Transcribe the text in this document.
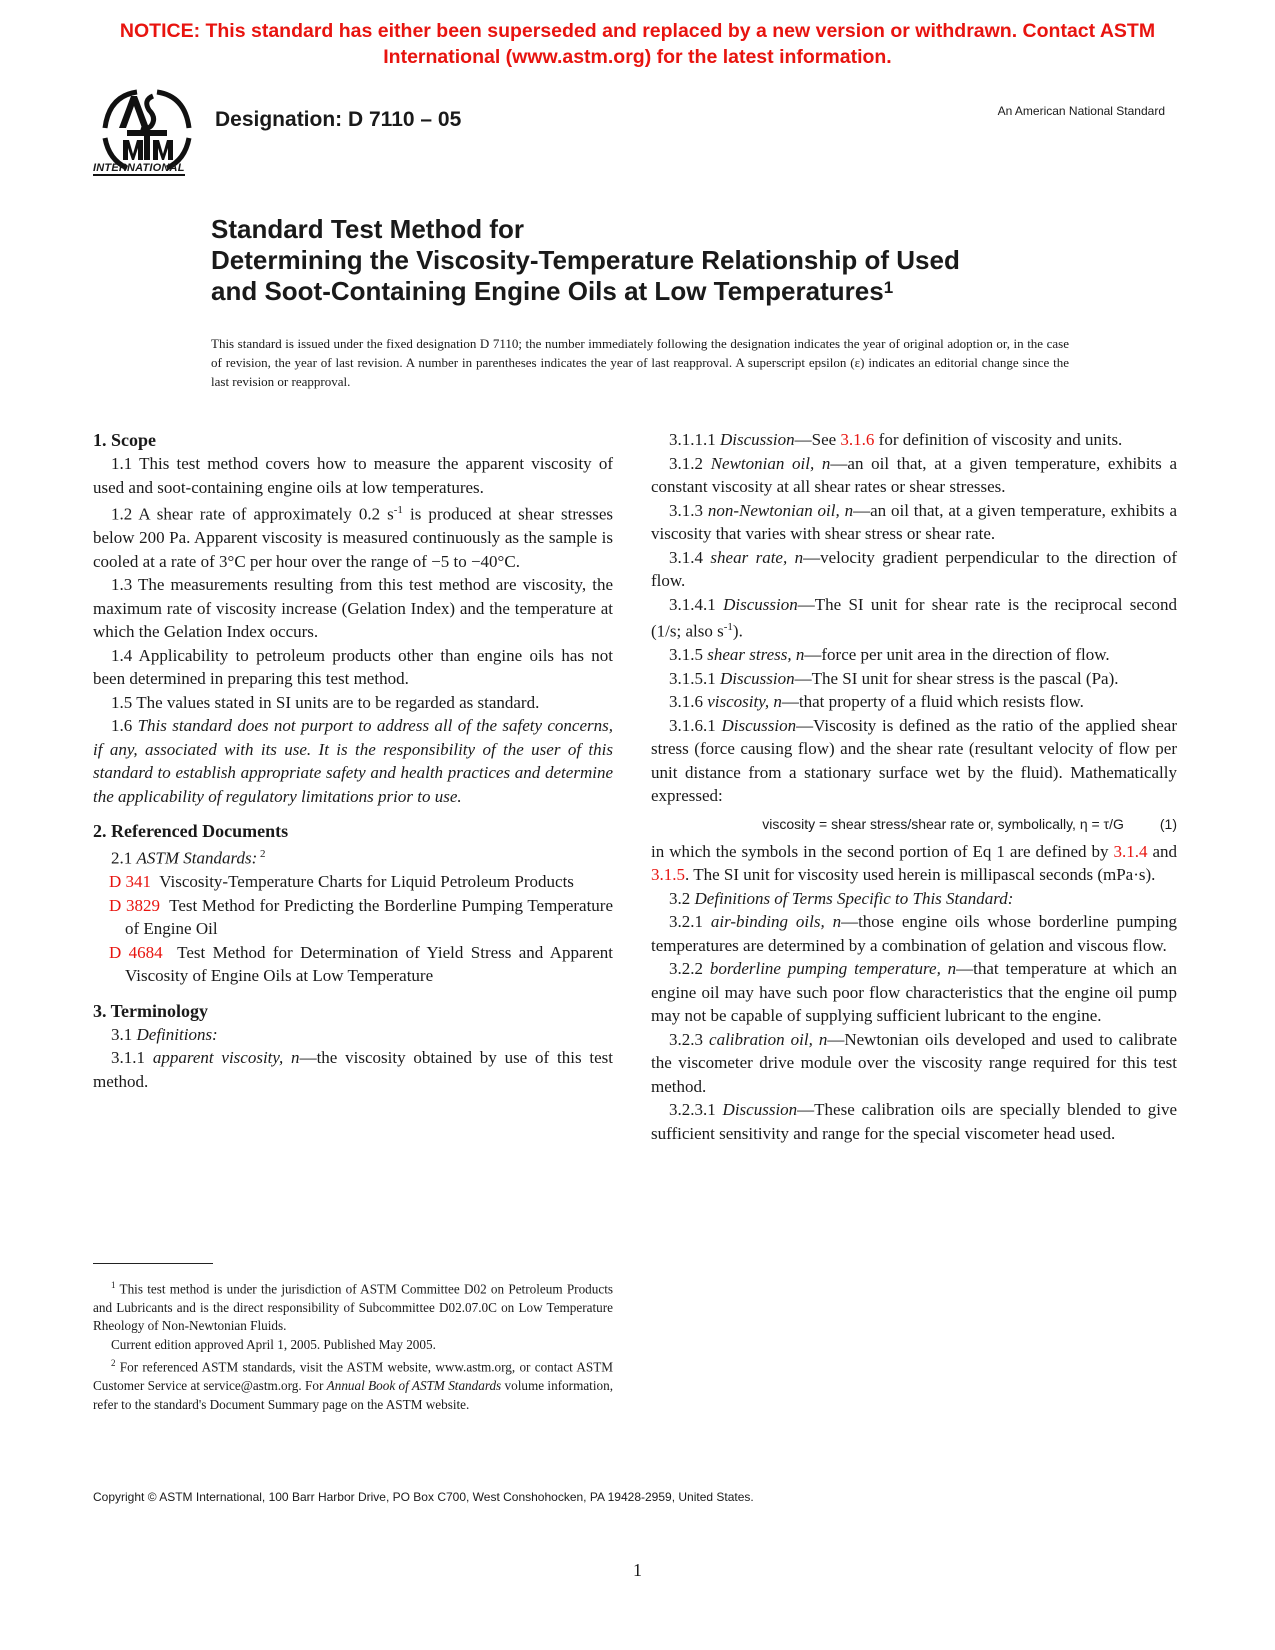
NOTICE: This standard has either been superseded and replaced by a new version or withdrawn. Contact ASTM
International (www.astm.org) for the latest information.
INTERNATIONAL
Designation: D 7110 – 05	An American National Standard
Standard Test Method for
Determining the Viscosity-Temperature Relationship of Used
and Soot-Containing Engine Oils at Low Temperatures$^1$
This standard is issued under the fixed designation D 7110; the number immediately following the designation indicates the year of original adoption or, in the case of revision, the year of last revision. A number in parentheses indicates the year of last reapproval. A superscript epsilon (ε) indicates an editorial change since the last revision or reapproval.
1. Scope

1.1 This test method covers how to measure the apparent viscosity of used and soot-containing engine oils at low temperatures.

1.2 A shear rate of approximately 0.2 $s^{-1}$ is produced at shear stresses below 200 Pa. Apparent viscosity is measured continuously as the sample is cooled at a rate of 3°C per hour over the range of −5 to −40°C.

1.3 The measurements resulting from this test method are viscosity, the maximum rate of viscosity increase (Gelation Index) and the temperature at which the Gelation Index occurs.

1.4 Applicability to petroleum products other than engine oils has not been determined in preparing this test method.

1.5 The values stated in SI units are to be regarded as standard.

1.6 This standard does not purport to address all of the safety concerns, if any, associated with its use. It is the responsibility of the user of this standard to establish appropriate safety and health practices and determine the applicability of regulatory limitations prior to use.

2. Referenced Documents

2.1 ASTM Standards: $^2$

D 341 Viscosity-Temperature Charts for Liquid Petroleum Products

D 3829 Test Method for Predicting the Borderline Pumping Temperature of Engine Oil

D 4684 Test Method for Determination of Yield Stress and Apparent Viscosity of Engine Oils at Low Temperature

3. Terminology

3.1 Definitions:

3.1.1 apparent viscosity, n—the viscosity obtained by use of this test method.

3.1.1.1 Discussion—See 3.1.6 for definition of viscosity and units.

3.1.2 Newtonian oil, n—an oil that, at a given temperature, exhibits a constant viscosity at all shear rates or shear stresses.

3.1.3 non-Newtonian oil, n—an oil that, at a given temperature, exhibits a viscosity that varies with shear stress or shear rate.

3.1.4 shear rate, n—velocity gradient perpendicular to the direction of flow.

3.1.4.1 Discussion—The SI unit for shear rate is the reciprocal second (1/s; also $s^{-1}$).

3.1.5 shear stress, n—force per unit area in the direction of flow.

3.1.5.1 Discussion—The SI unit for shear stress is the pascal (Pa).

3.1.6 viscosity, n—that property of a fluid which resists flow.

3.1.6.1 Discussion—Viscosity is defined as the ratio of the applied shear stress (force causing flow) and the shear rate (resultant velocity of flow per unit distance from a stationary surface wet by the fluid). Mathematically expressed:

viscosity = shear stress/shear rate or, symbolically, η = τ/G	(1)

in which the symbols in the second portion of Eq 1 are defined by 3.1.4 and 3.1.5. The SI unit for viscosity used herein is millipascal seconds (mPa·s).

3.2 Definitions of Terms Specific to This Standard:

3.2.1 air-binding oils, n—those engine oils whose borderline pumping temperatures are determined by a combination of gelation and viscous flow.

3.2.2 borderline pumping temperature, n—that temperature at which an engine oil may have such poor flow characteristics that the engine oil pump may not be capable of supplying sufficient lubricant to the engine.

3.2.3 calibration oil, n—Newtonian oils developed and used to calibrate the viscometer drive module over the viscosity range required for this test method.

3.2.3.1 Discussion—These calibration oils are specially blended to give sufficient sensitivity and range for the special viscometer head used.

$^1$ This test method is under the jurisdiction of ASTM Committee D02 on Petroleum Products and Lubricants and is the direct responsibility of Subcommittee D02.07.0C on Low Temperature Rheology of Non-Newtonian Fluids.

Current edition approved April 1, 2005. Published May 2005.

$^2$ For referenced ASTM standards, visit the ASTM website, www.astm.org, or contact ASTM Customer Service at service@astm.org. For Annual Book of ASTM Standards volume information, refer to the standard's Document Summary page on the ASTM website.

Copyright © ASTM International, 100 Barr Harbor Drive, PO Box C700, West Conshohocken, PA 19428-2959, United States.
1
